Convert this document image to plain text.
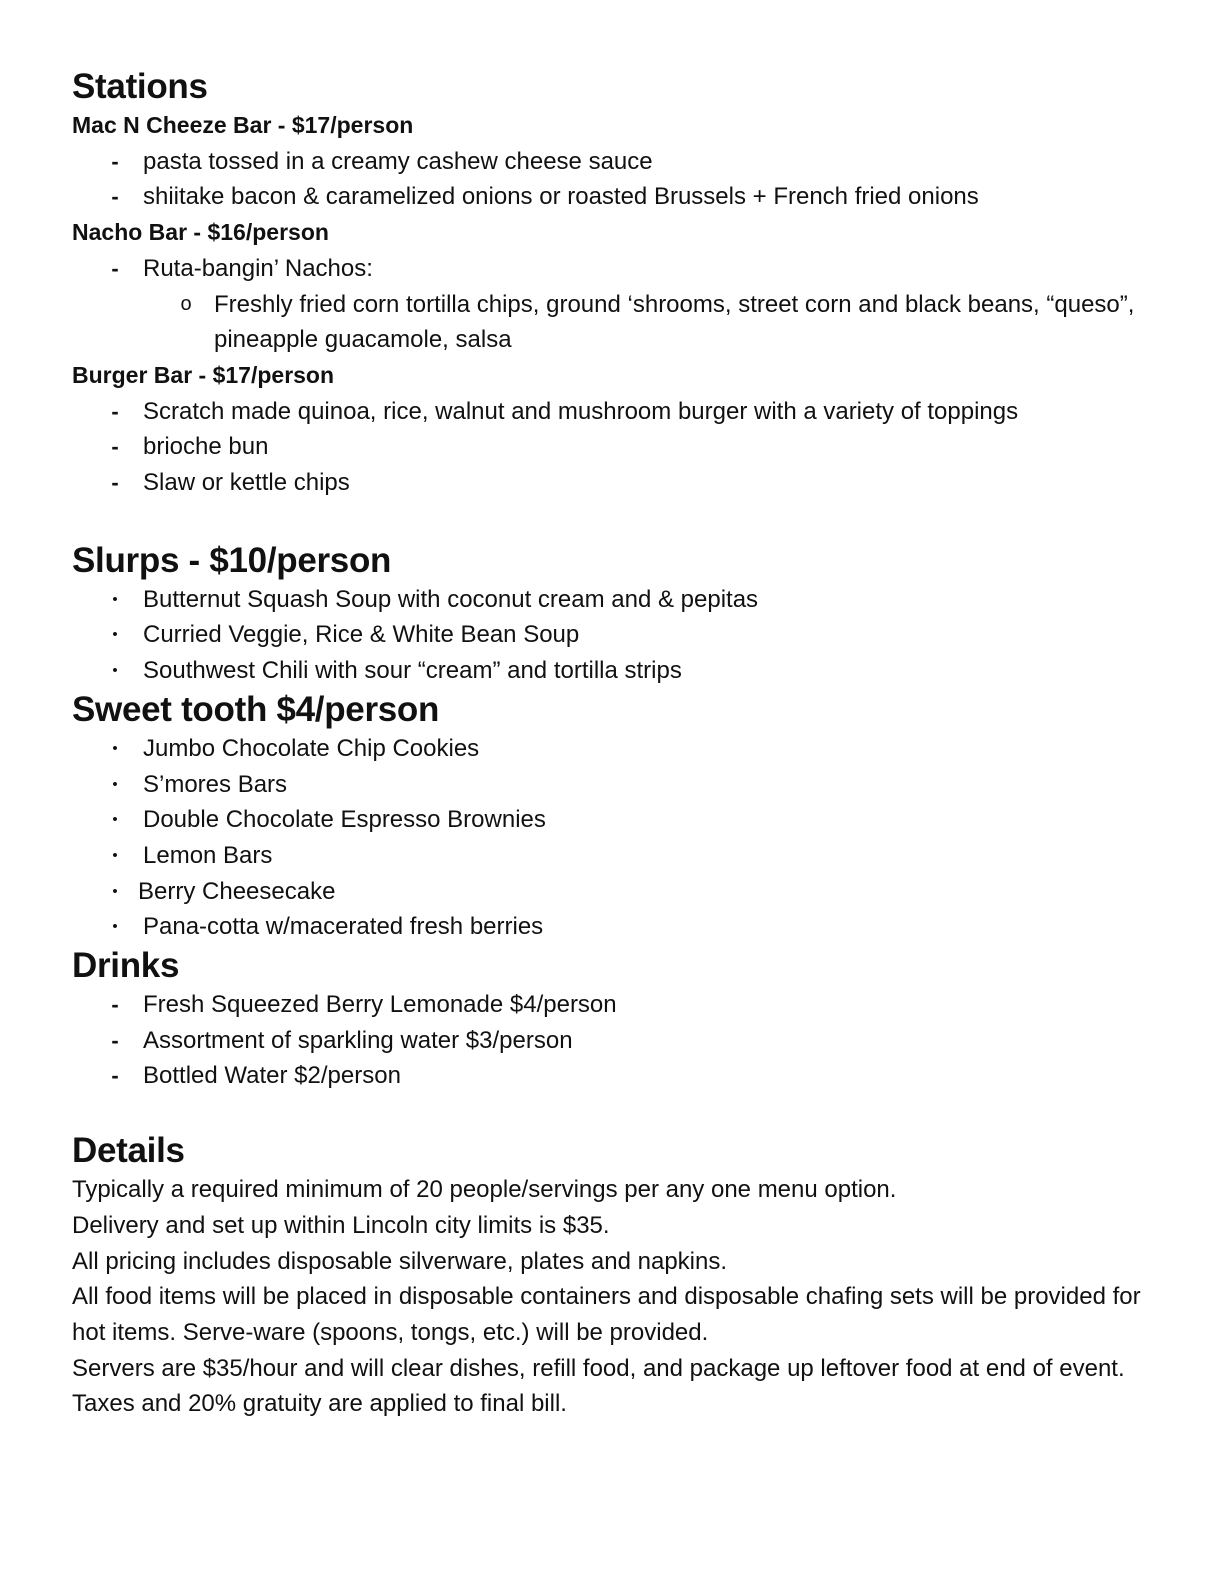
Stations
Mac N Cheeze Bar - $17/person
- pasta tossed in a creamy cashew cheese sauce
- shiitake bacon & caramelized onions or roasted Brussels + French fried onions
Nacho Bar - $16/person
- Ruta-bangin’ Nachos:
o Freshly fried corn tortilla chips, ground ‘shrooms, street corn and black beans, “queso”, pineapple guacamole, salsa
Burger Bar - $17/person
- Scratch made quinoa, rice, walnut and mushroom burger with a variety of toppings
- brioche bun
- Slaw or kettle chips
Slurps - $10/person
• Butternut Squash Soup with coconut cream and & pepitas
• Curried Veggie, Rice & White Bean Soup
• Southwest Chili with sour “cream” and tortilla strips
Sweet tooth $4/person
• Jumbo Chocolate Chip Cookies
• S’mores Bars
• Double Chocolate Espresso Brownies
• Lemon Bars
• Berry Cheesecake
• Pana-cotta w/macerated fresh berries
Drinks
- Fresh Squeezed Berry Lemonade $4/person
- Assortment of sparkling water $3/person
- Bottled Water $2/person
Details

Typically a required minimum of 20 people/servings per any one menu option.

Delivery and set up within Lincoln city limits is $35.

All pricing includes disposable silverware, plates and napkins.

All food items will be placed in disposable containers and disposable chafing sets will be provided for hot items. Serve-ware (spoons, tongs, etc.) will be provided.

Servers are $35/hour and will clear dishes, refill food, and package up leftover food at end of event.

Taxes and 20% gratuity are applied to final bill.
